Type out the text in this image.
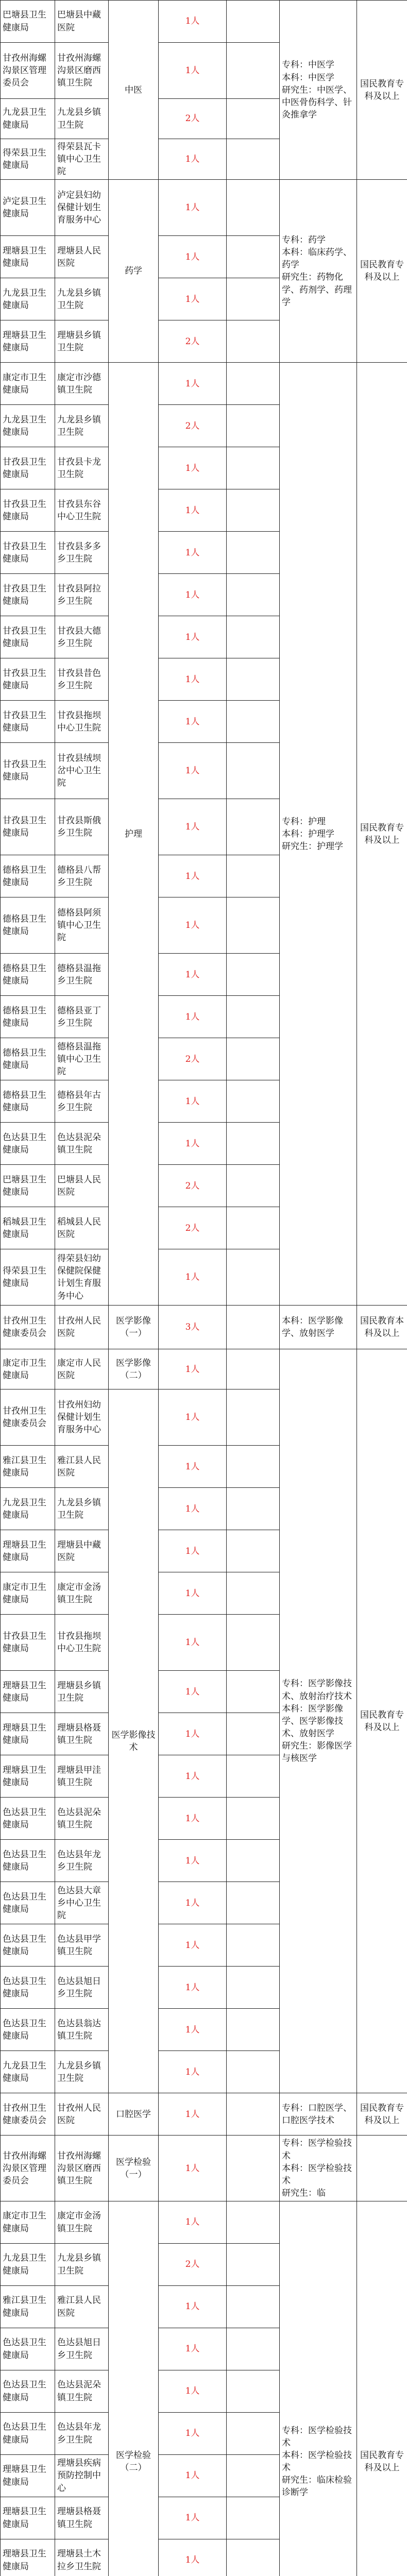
巴塘县卫生健康局	巴塘县中藏医院	中医	1人		专科：中医学
本科：中医学
研究生：中医学、中医骨伤科学、针灸推拿学	国民教育专科及以上
甘孜州海螺沟景区管理委员会	甘孜州海螺沟景区磨西镇卫生院		1人			
九龙县卫生健康局	九龙县乡镇卫生院		2人			
得荣县卫生健康局	得荣县瓦卡镇中心卫生院		1人			
泸定县卫生健康局	泸定县妇幼保健计划生育服务中心	药学	1人		专科：药学
本科：临床药学、药学
研究生：药物化学、药剂学、药理学	国民教育专科及以上
理塘县卫生健康局	理塘县人民医院		1人			
九龙县卫生健康局	九龙县乡镇卫生院		1人			
理塘县卫生健康局	理塘县乡镇卫生院		2人			
康定市卫生健康局	康定市沙德镇卫生院	护理	1人		专科：护理
本科：护理学
研究生：护理学	国民教育专科及以上
九龙县卫生健康局	九龙县乡镇卫生院		2人			
甘孜县卫生健康局	甘孜县卡龙卫生院		1人			
甘孜县卫生健康局	甘孜县东谷中心卫生院		1人			
甘孜县卫生健康局	甘孜县多多乡卫生院		1人			
甘孜县卫生健康局	甘孜县阿拉乡卫生院		1人			
甘孜县卫生健康局	甘孜县大德乡卫生院		1人			
甘孜县卫生健康局	甘孜县昔色乡卫生院		1人			
甘孜县卫生健康局	甘孜县拖坝中心卫生院		1人			
甘孜县卫生健康局	甘孜县绒坝岔中心卫生院		1人			
甘孜县卫生健康局	甘孜县斯俄乡卫生院		1人			
德格县卫生健康局	德格县八帮乡卫生院		1人			
德格县卫生健康局	德格县阿须镇中心卫生院		1人			
德格县卫生健康局	德格县温拖乡卫生院		1人			
德格县卫生健康局	德格县亚丁乡卫生院		1人			
德格县卫生健康局	德格县温拖镇中心卫生院		2人			
德格县卫生健康局	德格县年古乡卫生院		1人			
色达县卫生健康局	色达县泥朵镇卫生院		1人			
巴塘县卫生健康局	巴塘县人民医院		2人			
稻城县卫生健康局	稻城县人民医院		2人			
得荣县卫生健康局	得荣县妇幼保健院保健计划生育服务中心		1人			
甘孜州卫生健康委员会	甘孜州人民医院	医学影像（一）	3人		本科：医学影像学、放射医学	国民教育本科及以上
康定市卫生健康局	康定市人民医院	医学影像（二）	1人		专科：医学影像技术、放射治疗技术
本科：医学影像学、医学影像技术、放射医学
研究生：影像医学与核医学	国民教育专科及以上
甘孜州卫生健康委员会	甘孜州妇幼保健计划生育服务中心	医学影像技术	1人			
雅江县卫生健康局	雅江县人民医院		1人			
九龙县卫生健康局	九龙县乡镇卫生院		1人			
理塘县卫生健康局	理塘县中藏医院		1人			
康定市卫生健康局	康定市金汤镇卫生院		1人			
甘孜县卫生健康局	甘孜县拖坝中心卫生院		1人			
理塘县卫生健康局	理塘县乡镇卫生院		1人			
理塘县卫生健康局	理塘县格聂镇卫生院		1人			
理塘县卫生健康局	理塘县甲洼镇卫生院		1人			
色达县卫生健康局	色达县泥朵镇卫生院		1人			
色达县卫生健康局	色达县年龙乡卫生院		1人			
色达县卫生健康局	色达县大章乡中心卫生院		1人			
色达县卫生健康局	色达县甲学镇卫生院		1人			
色达县卫生健康局	色达县旭日乡卫生院		1人			
色达县卫生健康局	色达县翁达镇卫生院		1人			
九龙县卫生健康局	九龙县乡镇卫生院		1人			
甘孜州卫生健康委员会	甘孜州人民医院	口腔医学	1人		专科：口腔医学、口腔医学技术	国民教育专科及以上
甘孜州海螺沟景区管理委员会	甘孜州海螺沟景区磨西镇卫生院	医学检验（一）	1人		专科：医学检验技术
本科：医学检验技术
研究生：临	
康定市卫生健康局	康定市金汤镇卫生院	医学检验（二）	1人		专科：医学检验技术
本科：医学检验技术
研究生：临床检验诊断学	国民教育专科及以上
九龙县卫生健康局	九龙县乡镇卫生院		2人			
雅江县卫生健康局	雅江县人民医院		1人			
色达县卫生健康局	色达县旭日乡卫生院		1人			
色达县卫生健康局	色达县泥朵镇卫生院		1人			
色达县卫生健康局	色达县年龙乡卫生院		1人			
理塘县卫生健康局	理塘县疾病预防控制中心		1人			
理塘县卫生健康局	理塘县格聂镇卫生院		1人			
理塘县卫生健康局	理塘县土木拉乡卫生院		1人			
